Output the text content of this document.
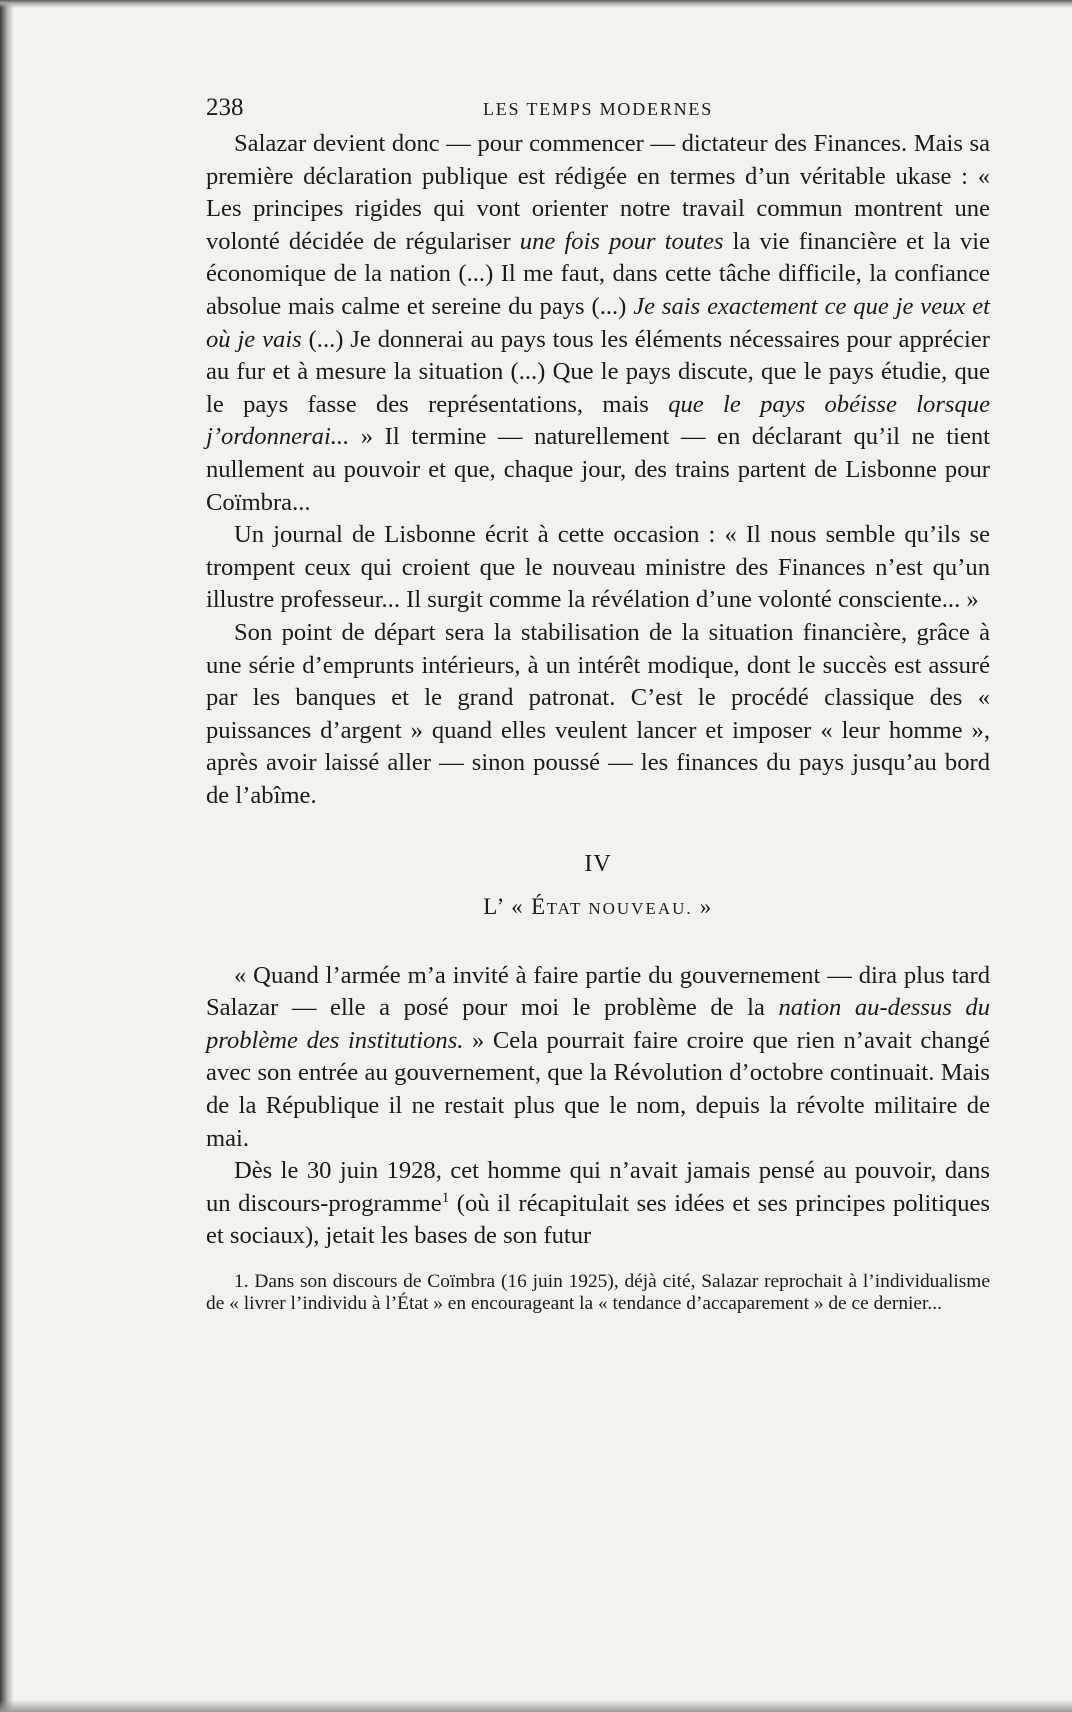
238	LES TEMPS MODERNES

Salazar devient donc — pour commencer — dictateur des Finances. Mais sa première déclaration publique est rédigée en termes d’un véritable ukase : « Les principes rigides qui vont orienter notre travail commun montrent une volonté décidée de régulariser une fois pour toutes la vie financière et la vie économique de la nation (...) Il me faut, dans cette tâche difficile, la confiance absolue mais calme et sereine du pays (...) Je sais exactement ce que je veux et où je vais (...) Je donnerai au pays tous les éléments nécessaires pour apprécier au fur et à mesure la situation (...) Que le pays discute, que le pays étudie, que le pays fasse des représentations, mais que le pays obéisse lorsque j’ordonnerai... » Il termine — naturellement — en déclarant qu’il ne tient nullement au pouvoir et que, chaque jour, des trains partent de Lisbonne pour Coïmbra...

Un journal de Lisbonne écrit à cette occasion : « Il nous semble qu’ils se trompent ceux qui croient que le nouveau ministre des Finances n’est qu’un illustre professeur... Il surgit comme la révélation d’une volonté consciente... »

Son point de départ sera la stabilisation de la situation financière, grâce à une série d’emprunts intérieurs, à un intérêt modique, dont le succès est assuré par les banques et le grand patronat. C’est le procédé classique des « puissances d’argent » quand elles veulent lancer et imposer « leur homme », après avoir laissé aller — sinon poussé — les finances du pays jusqu’au bord de l’abîme.

IV
L’ « ÉTAT NOUVEAU. »

« Quand l’armée m’a invité à faire partie du gouvernement — dira plus tard Salazar — elle a posé pour moi le problème de la nation au-dessus du problème des institutions. » Cela pourrait faire croire que rien n’avait changé avec son entrée au gouvernement, que la Révolution d’octobre continuait. Mais de la République il ne restait plus que le nom, depuis la révolte militaire de mai.

Dès le 30 juin 1928, cet homme qui n’avait jamais pensé au pouvoir, dans un discours-programme$^1$ (où il récapitulait ses idées et ses principes politiques et sociaux), jetait les bases de son futur

1. Dans son discours de Coïmbra (16 juin 1925), déjà cité, Salazar reprochait à l’individualisme de « livrer l’individu à l’État » en encourageant la « tendance d’accaparement » de ce dernier...
